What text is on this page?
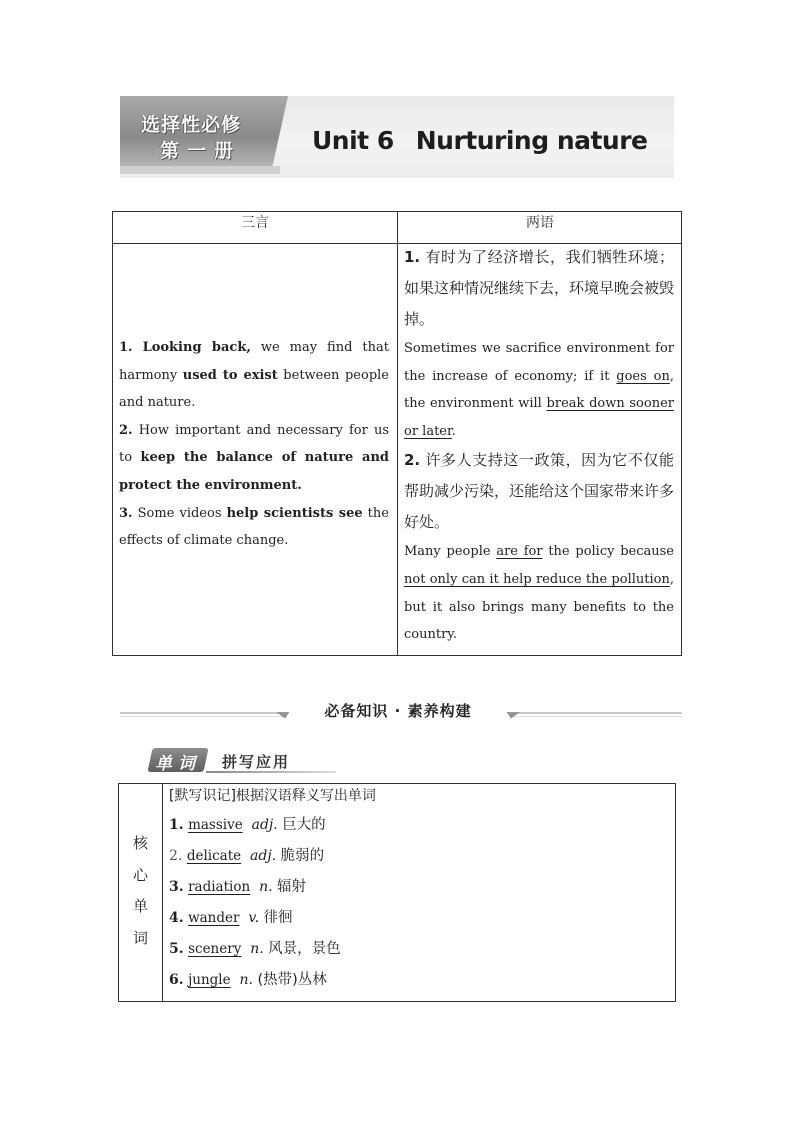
选择性必修
第一册	Unit 6 Nurturing nature
三言	两语
1. Looking back, we may find that harmony used to exist between people and nature.
2. How important and necessary for us to keep the balance of nature and protect the environment.
3. Some videos help scientists see the effects of climate change.
1. 有时为了经济增长，我们牺牲环境；如果这种情况继续下去，环境早晚会被毁掉。
Sometimes we sacrifice environment for the increase of economy; if it goes on, the environment will break down sooner or later.
2. 许多人支持这一政策，因为它不仅能帮助减少污染，还能给这个国家带来许多好处。
Many people are for the policy because not only can it help reduce the pollution, but it also brings many benefits to the country.
必备知识 · 素养构建
单词 拼写应用
核
心
单
词
[默写识记]根据汉语释义写出单词
1. massive adj. 巨大的
2. delicate adj. 脆弱的
3. radiation n. 辐射
4. wander v. 徘徊
5. scenery n. 风景，景色
6. jungle n. (热带)丛林
